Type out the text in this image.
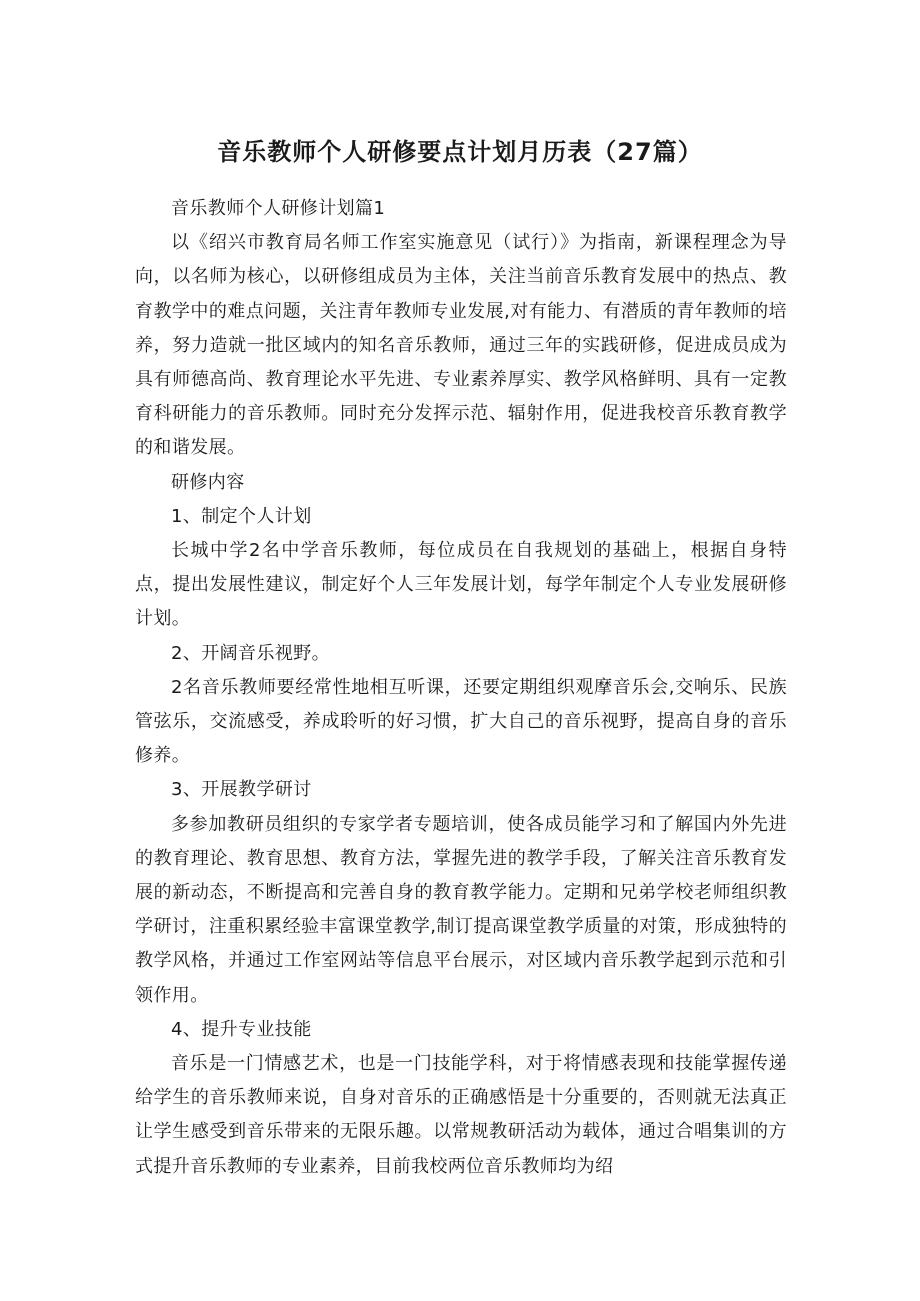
音乐教师个人研修要点计划月历表（27篇）

音乐教师个人研修计划篇1

以《绍兴市教育局名师工作室实施意见（试行）》为指南，新课程理念为导向，以名师为核心，以研修组成员为主体，关注当前音乐教育发展中的热点、教育教学中的难点问题，关注青年教师专业发展,对有能力、有潜质的青年教师的培养，努力造就一批区域内的知名音乐教师，通过三年的实践研修，促进成员成为具有师德高尚、教育理论水平先进、专业素养厚实、教学风格鲜明、具有一定教育科研能力的音乐教师。同时充分发挥示范、辐射作用，促进我校音乐教育教学的和谐发展。

研修内容

1、制定个人计划

长城中学2名中学音乐教师，每位成员在自我规划的基础上，根据自身特点，提出发展性建议，制定好个人三年发展计划，每学年制定个人专业发展研修计划。

2、开阔音乐视野。

2名音乐教师要经常性地相互听课，还要定期组织观摩音乐会,交响乐、民族管弦乐，交流感受，养成聆听的好习惯，扩大自己的音乐视野，提高自身的音乐修养。

3、开展教学研讨

多参加教研员组织的专家学者专题培训，使各成员能学习和了解国内外先进的教育理论、教育思想、教育方法，掌握先进的教学手段，了解关注音乐教育发展的新动态，不断提高和完善自身的教育教学能力。定期和兄弟学校老师组织教学研讨，注重积累经验丰富课堂教学,制订提高课堂教学质量的对策，形成独特的教学风格，并通过工作室网站等信息平台展示，对区域内音乐教学起到示范和引领作用。

4、提升专业技能

音乐是一门情感艺术，也是一门技能学科，对于将情感表现和技能掌握传递给学生的音乐教师来说，自身对音乐的正确感悟是十分重要的，否则就无法真正让学生感受到音乐带来的无限乐趣。以常规教研活动为载体，通过合唱集训的方式提升音乐教师的专业素养，目前我校两位音乐教师均为绍
